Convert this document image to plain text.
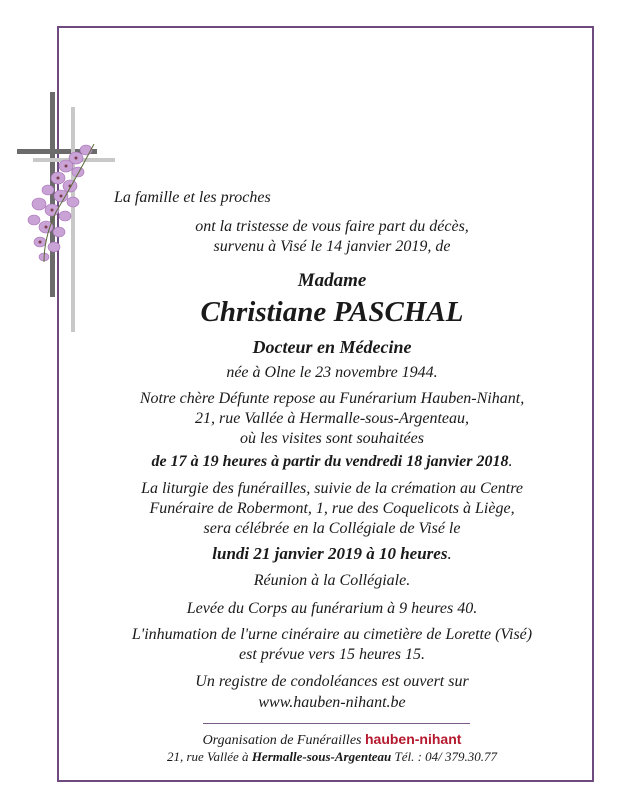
La famille et les proches
ont la tristesse de vous faire part du décès,
survenu à Visé le 14 janvier 2019, de
Madame
Christiane PASCHAL
Docteur en Médecine
née à Olne le 23 novembre 1944.
Notre chère Défunte repose au Funérarium Hauben-Nihant,
21, rue Vallée à Hermalle-sous-Argenteau,
où les visites sont souhaitées
de 17 à 19 heures à partir du vendredi 18 janvier 2018.
La liturgie des funérailles, suivie de la crémation au Centre
Funéraire de Robermont, 1, rue des Coquelicots à Liège,
sera célébrée en la Collégiale de Visé le
lundi 21 janvier 2019 à 10 heures.
Réunion à la Collégiale.
Levée du Corps au funérarium à 9 heures 40.
L'inhumation de l'urne cinéraire au cimetière de Lorette (Visé)
est prévue vers 15 heures 15.
Un registre de condoléances est ouvert sur
www.hauben-nihant.be
Organisation de Funérailles hauben-nihant
21, rue Vallée à Hermalle-sous-Argenteau Tél. : 04/ 379.30.77
